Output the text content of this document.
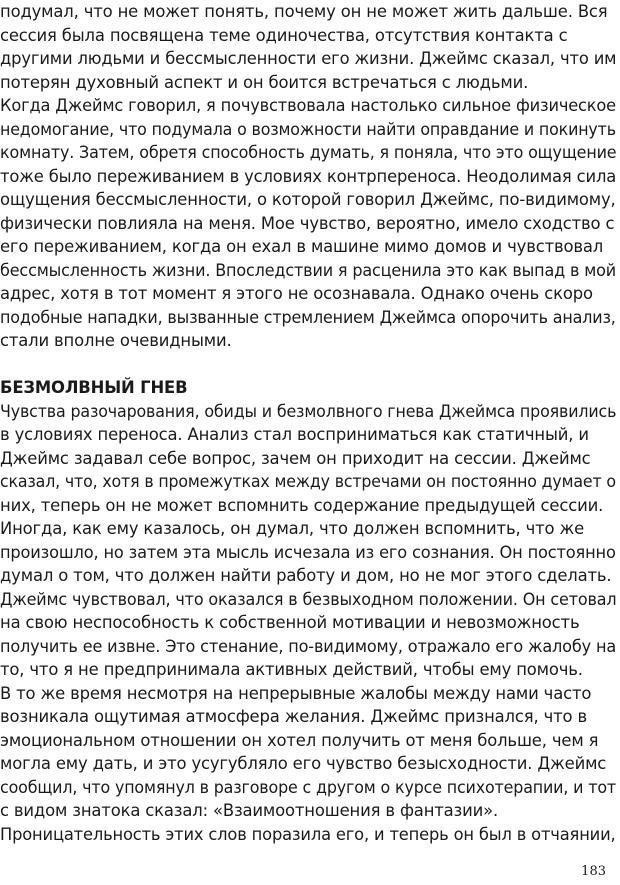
подумал, что не может понять, почему он не может жить дальше. Вся
сессия была посвящена теме одиночества, отсутствия контакта с
другими людьми и бессмысленности его жизни. Джеймс сказал, что им
потерян духовный аспект и он боится встречаться с людьми.
Когда Джеймс говорил, я почувствовала настолько сильное физическое
недомогание, что подумала о возможности найти оправдание и покинуть
комнату. Затем, обретя способность думать, я поняла, что это ощущение
тоже было переживанием в условиях контрпереноса. Неодолимая сила
ощущения бессмысленности, о которой говорил Джеймс, по-видимому,
физически повлияла на меня. Мое чувство, вероятно, имело сходство с
его переживанием, когда он ехал в машине мимо домов и чувствовал
бессмысленность жизни. Впоследствии я расценила это как выпад в мой
адрес, хотя в тот момент я этого не осознавала. Однако очень скоро
подобные нападки, вызванные стремлением Джеймса опорочить анализ,
стали вполне очевидными.
БЕЗМОЛВНЫЙ ГНЕВ
Чувства разочарования, обиды и безмолвного гнева Джеймса проявились
в условиях переноса. Анализ стал восприниматься как статичный, и
Джеймс задавал себе вопрос, зачем он приходит на сессии. Джеймс
сказал, что, хотя в промежутках между встречами он постоянно думает о
них, теперь он не может вспомнить содержание предыдущей сессии.
Иногда, как ему казалось, он думал, что должен вспомнить, что же
произошло, но затем эта мысль исчезала из его сознания. Он постоянно
думал о том, что должен найти работу и дом, но не мог этого сделать.
Джеймс чувствовал, что оказался в безвыходном положении. Он сетовал
на свою неспособность к собственной мотивации и невозможность
получить ее извне. Это стенание, по-видимому, отражало его жалобу на
то, что я не предпринимала активных действий, чтобы ему помочь.
В то же время несмотря на непрерывные жалобы между нами часто
возникала ощутимая атмосфера желания. Джеймс признался, что в
эмоциональном отношении он хотел получить от меня больше, чем я
могла ему дать, и это усугубляло его чувство безысходности. Джеймс
сообщил, что упомянул в разговоре с другом о курсе психотерапии, и тот
с видом знатока сказал: «Взаимоотношения в фантазии».
Проницательность этих слов поразила его, и теперь он был в отчаянии,
183
